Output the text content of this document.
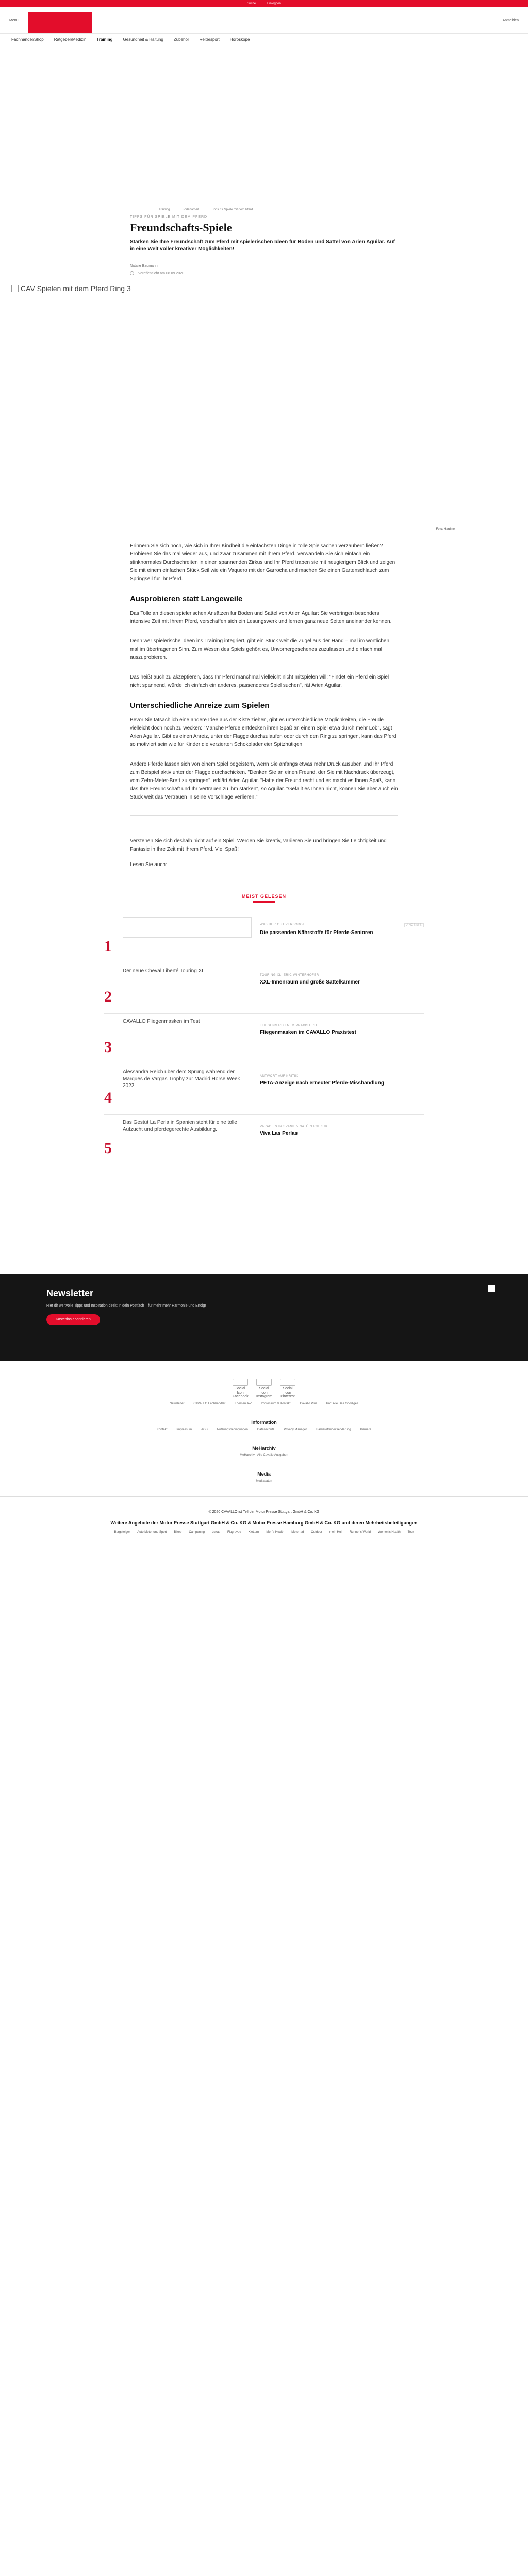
Suche	Einloggen
Menü	Anmelden
Fachhandel/Shop	Ratgeber/Medizin	Training	Gesundheit & Haltung	Zubehör	Reitersport	Horoskope
Training	Bodenarbeit	Tipps für Spiele mit dem Pferd
TIPPS FÜR SPIELE MIT DEM PFERD
Freundschafts-Spiele

Stärken Sie Ihre Freundschaft zum Pferd mit spielerischen Ideen für Boden und Sattel von Arien Aguilar. Auf in eine Welt voller kreativer Möglichkeiten!

Natalie Baumann
Veröffentlicht am 08.09.2020
CAV Spielen mit dem Pferd Ring 3
Foto: Hardine

Erinnern Sie sich noch, wie sich in Ihrer Kindheit die einfachsten Dinge in tolle Spielsachen verzaubern ließen? Probieren Sie das mal wieder aus, und zwar zusammen mit Ihrem Pferd. Verwandeln Sie sich einfach ein stinknormales Durchschreiten in einen spannenden Zirkus und Ihr Pferd traben sie mit neugierigem Blick und zeigen Sie mit einem einfachen Stück Seil wie ein Vaquero mit der Garrocha und machen Sie einen Gartenschlauch zum Springseil für Ihr Pferd.

Ausprobieren statt Langeweile

Das Tolle an diesen spielerischen Ansätzen für Boden und Sattel von Arien Aguilar: Sie verbringen besonders intensive Zeit mit Ihrem Pferd, verschaffen sich ein Lesungswerk und lernen ganz neue Seiten aneinander kennen.

Denn wer spielerische Ideen ins Training integriert, gibt ein Stück weit die Zügel aus der Hand – mal im wörtlichen, mal im übertragenen Sinn. Zum Wesen des Spiels gehört es, Unvorhergesehenes zuzulassen und einfach mal auszuprobieren.

Das heißt auch zu akzeptieren, dass Ihr Pferd manchmal vielleicht nicht mitspielen will: "Findet ein Pferd ein Spiel nicht spannend, würde ich einfach ein anderes, passenderes Spiel suchen", rät Arien Aguilar.

Unterschiedliche Anreize zum Spielen

Bevor Sie tatsächlich eine andere Idee aus der Kiste ziehen, gibt es unterschiedliche Möglichkeiten, die Freude vielleicht doch noch zu wecken: "Manche Pferde entdecken ihren Spaß an einem Spiel etwa durch mehr Lob", sagt Arien Aguilar. Gibt es einen Anreiz, unter der Flagge durchzulaufen oder durch den Ring zu springen, kann das Pferd so motiviert sein wie für Kinder die verzierten Schokoladeneier Spitzhütigen.

Andere Pferde lassen sich von einem Spiel begeistern, wenn Sie anfangs etwas mehr Druck ausüben und Ihr Pferd zum Beispiel aktiv unter der Flagge durchschicken. "Denken Sie an einen Freund, der Sie mit Nachdruck überzeugt, vom Zehn-Meter-Brett zu springen", erklärt Arien Aguilar. "Hatte der Freund recht und es macht es Ihnen Spaß, kann das Ihre Freundschaft und Ihr Vertrauen zu ihm stärken", so Aguilar. "Gefällt es Ihnen nicht, können Sie aber auch ein Stück weit das Vertrauen in seine Vorschläge verlieren."

Verstehen Sie sich deshalb nicht auf ein Spiel. Werden Sie kreativ, variieren Sie und bringen Sie Leichtigkeit und Fantasie in Ihre Zeit mit Ihrem Pferd. Viel Spaß!

Lesen Sie auch:

MEIST GELESEN
1
WAS DER GUT VERSORGT	ANZEIGE
Die passenden Nährstoffe für Pferde-Senioren
2
Der neue Cheval Liberté Touring XL
TOURING XL: ERIC WINTERHOFER
XXL-Innenraum und große Sattelkammer
3
CAVALLO Fliegenmasken im Test
FLIEGENMASKEN IM PRAXISTEST
Fliegenmasken im CAVALLO Praxistest
4
Alessandra Reich über dem Sprung während der Marques de Vargas Trophy zur Madrid Horse Week 2022
ANTWORT AUF KRITIK
PETA-Anzeige nach erneuter Pferde-Misshandlung
5
Das Gestüt La Perla in Spanien steht für eine tolle Aufzucht und pferdegerechte Ausbildung.	PARADIES IN SPANIEN NATÜRLICH ZUR
Viva Las Perlas
Newsletter

Hier dir wertvolle Tipps und Inspiration direkt in dein Postfach – für mehr mehr Harmonie und Erfolg!

Kostenlos abonnieren
Social Icon Facebook
Social Icon Instagram
Social Icon Pinterest
Newsletter	CAVALLO Fachhändler	Themen A-Z	Impressum & Kontakt	Cavallo Plus	Pro: Alle Das Goodiges
Information
Kontakt	Impressum	AGB	Nutzungsbedingungen	Datenschutz	Privacy Manager	Barrierefreiheitserklärung	Karriere
MeHarchiv
MeHarchiv · Alle Cavallo Ausgaben
Media
Mediadaten
© 2020 CAVALLO ist Teil der Motor Presse Stuttgart GmbH & Co. KG
Weitere Angebote der Motor Presse Stuttgart GmbH & Co. KG & Motor Presse Hamburg GmbH & Co. KG und deren Mehrheitsbeteiligungen
Bergsteiger Auto Motor und Sport Bikeb Campening Lukas Flugrevue Klettern Men's Health Motorrad Outdoor mein Holl Runner's World Women's Health Tour
